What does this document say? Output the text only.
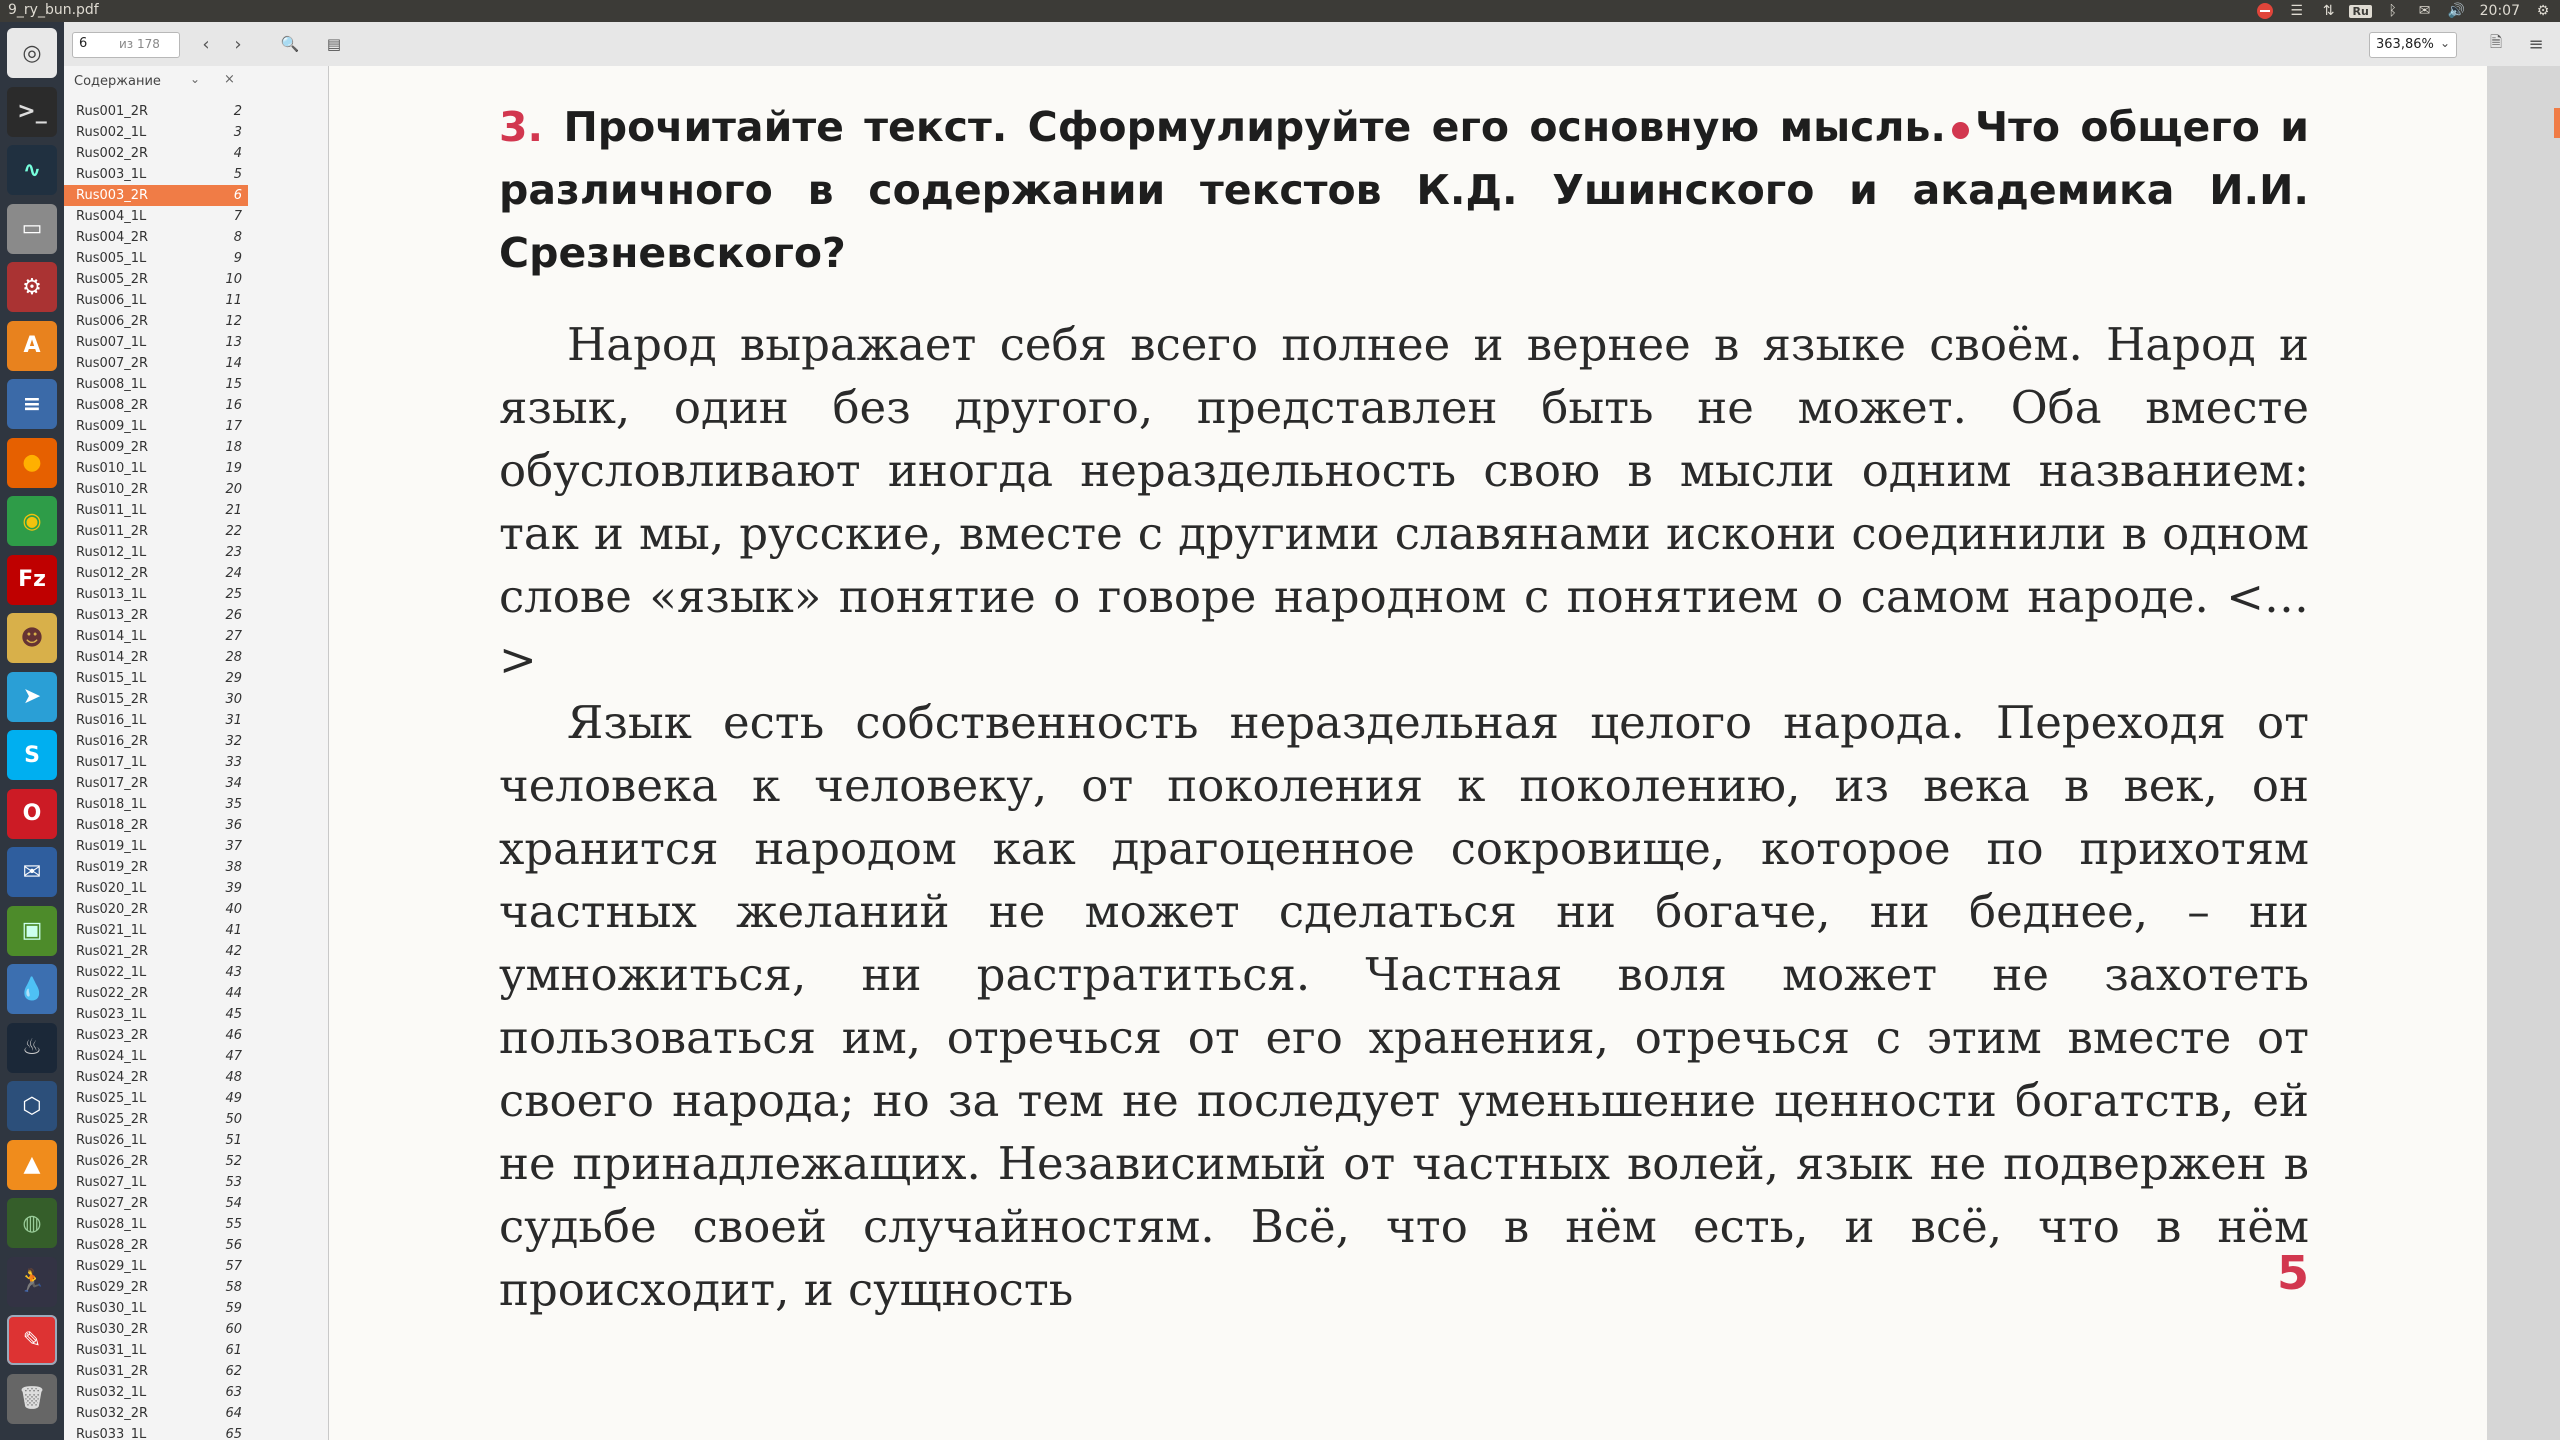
9_ry_bun.pdf	☰ ⇅ Ru	ᛒ	✉ 🔊 20:07 ⚙
◎
>_
∿
▭
⚙
A
≡
●
◉
Fz
☻
➤
S
O
✉
▣
💧
♨
⬡
▲
◍
🏃
✎
🗑
6	из 178 ‹ ›	🔍 ▤	363,86% ⌄	🗎 ≡
Содержание ⌄ ×
Rus001_2R	2
Rus002_1L	3
Rus002_2R	4
Rus003_1L	5
Rus003_2R	6
Rus004_1L	7
Rus004_2R	8
Rus005_1L	9
Rus005_2R	10
Rus006_1L	11
Rus006_2R	12
Rus007_1L	13
Rus007_2R	14
Rus008_1L	15
Rus008_2R	16
Rus009_1L	17
Rus009_2R	18
Rus010_1L	19
Rus010_2R	20
Rus011_1L	21
Rus011_2R	22
Rus012_1L	23
Rus012_2R	24
Rus013_1L	25
Rus013_2R	26
Rus014_1L	27
Rus014_2R	28
Rus015_1L	29
Rus015_2R	30
Rus016_1L	31
Rus016_2R	32
Rus017_1L	33
Rus017_2R	34
Rus018_1L	35
Rus018_2R	36
Rus019_1L	37
Rus019_2R	38
Rus020_1L	39
Rus020_2R	40
Rus021_1L	41
Rus021_2R	42
Rus022_1L	43
Rus022_2R	44
Rus023_1L	45
Rus023_2R	46
Rus024_1L	47
Rus024_2R	48
Rus025_1L	49
Rus025_2R	50
Rus026_1L	51
Rus026_2R	52
Rus027_1L	53
Rus027_2R	54
Rus028_1L	55
Rus028_2R	56
Rus029_1L	57
Rus029_2R	58
Rus030_1L	59
Rus030_2R	60
Rus031_1L	61
Rus031_2R	62
Rus032_1L	63
Rus032_2R	64
Rus033_1L	65

3. Прочитайте текст. Сформулируйте его основную мысль. Что общего и различного в содержании текстов К.Д. Ушинского и академика И.И. Срезневского?

Народ выражает себя всего полнее и вернее в языке своём. Народ и язык, один без другого, представлен быть не может. Оба вместе обусловливают иногда нераздельность свою в мысли одним названием: так и мы, русские, вместе с другими славянами искони соединили в одном слове «язык» понятие о говоре народном с понятием о самом народе. <…>

Язык есть собственность нераздельная целого народа. Переходя от человека к человеку, от поколения к поколению, из века в век, он хранится народом как драгоценное сокровище, которое по прихотям частных желаний не может сделаться ни богаче, ни беднее, – ни умножиться, ни растратиться. Частная воля может не захотеть пользоваться им, отречься от его хранения, отречься с этим вместе от своего народа; но за тем не последует уменьшение ценности богатств, ей не принадлежащих. Независимый от частных волей, язык не подвержен в судьбе своей случайностям. Всё, что в нём есть, и всё, что в нём происходит, и сущность	5
